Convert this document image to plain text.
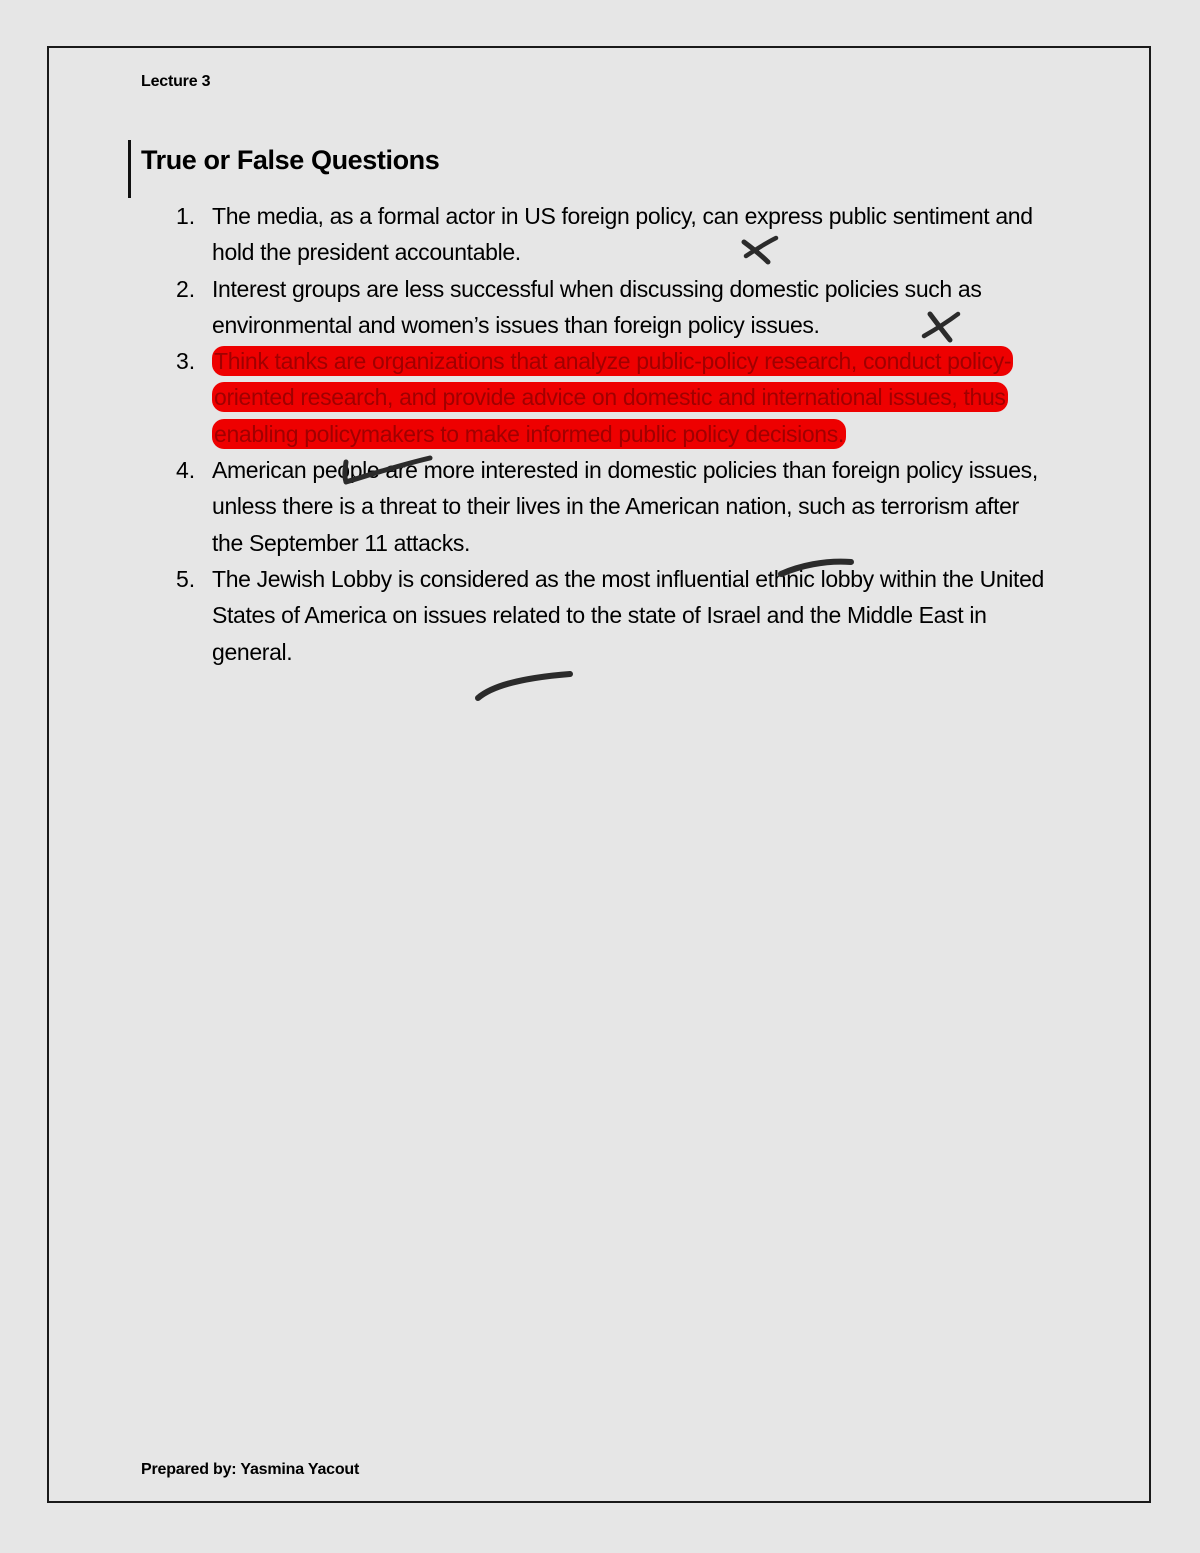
Lecture 3
True or False Questions
1. The media, as a formal actor in US foreign policy, can express public sentiment and hold the president accountable.
2. Interest groups are less successful when discussing domestic policies such as environmental and women’s issues than foreign policy issues.
3. Think tanks are organizations that analyze public-policy research, conduct policy-oriented research, and provide advice on domestic and international issues, thus enabling policymakers to make informed public policy decisions.
4. American people are more interested in domestic policies than foreign policy issues, unless there is a threat to their lives in the American nation, such as terrorism after the September 11 attacks.
5. The Jewish Lobby is considered as the most influential ethnic lobby within the United States of America on issues related to the state of Israel and the Middle East in general.
Prepared by: Yasmina Yacout
